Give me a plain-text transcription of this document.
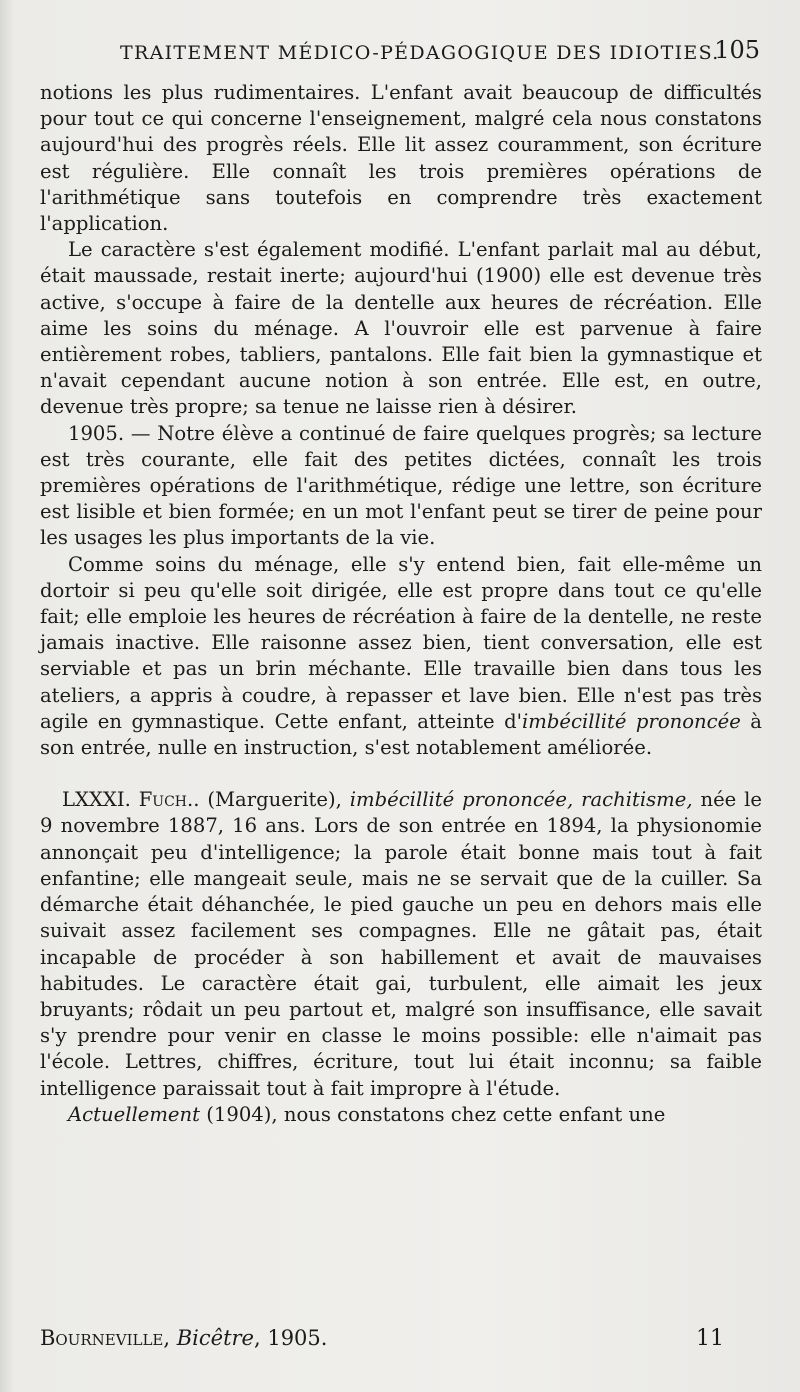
TRAITEMENT MÉDICO-PÉDAGOGIQUE DES IDIOTIES.
105

notions les plus rudimentaires. L'enfant avait beaucoup de difficultés pour tout ce qui concerne l'enseignement, malgré cela nous constatons aujourd'hui des progrès réels. Elle lit assez couramment, son écriture est régulière. Elle connaît les trois premières opérations de l'arithmétique sans toutefois en comprendre très exactement l'application.

Le caractère s'est également modifié. L'enfant parlait mal au début, était maussade, restait inerte; aujourd'hui (1900) elle est devenue très active, s'occupe à faire de la dentelle aux heures de récréation. Elle aime les soins du ménage. A l'ouvroir elle est parvenue à faire entièrement robes, tabliers, pantalons. Elle fait bien la gymnastique et n'avait cependant aucune notion à son entrée. Elle est, en outre, devenue très propre; sa tenue ne laisse rien à désirer.

1905. — Notre élève a continué de faire quelques progrès; sa lecture est très courante, elle fait des petites dictées, connaît les trois premières opérations de l'arithmétique, rédige une lettre, son écriture est lisible et bien formée; en un mot l'enfant peut se tirer de peine pour les usages les plus importants de la vie.

Comme soins du ménage, elle s'y entend bien, fait elle-même un dortoir si peu qu'elle soit dirigée, elle est propre dans tout ce qu'elle fait; elle emploie les heures de récréation à faire de la dentelle, ne reste jamais inactive. Elle raisonne assez bien, tient conversation, elle est serviable et pas un brin méchante. Elle travaille bien dans tous les ateliers, a appris à coudre, à repasser et lave bien. Elle n'est pas très agile en gymnastique. Cette enfant, atteinte d'imbécillité prononcée à son entrée, nulle en instruction, s'est notablement améliorée.

LXXXI. Fuch.. (Marguerite), imbécillité prononcée, rachitisme, née le 9 novembre 1887, 16 ans. Lors de son entrée en 1894, la physionomie annonçait peu d'intelligence; la parole était bonne mais tout à fait enfantine; elle mangeait seule, mais ne se servait que de la cuiller. Sa démarche était déhanchée, le pied gauche un peu en dehors mais elle suivait assez facilement ses compagnes. Elle ne gâtait pas, était incapable de procéder à son habillement et avait de mauvaises habitudes. Le caractère était gai, turbulent, elle aimait les jeux bruyants; rôdait un peu partout et, malgré son insuffisance, elle savait s'y prendre pour venir en classe le moins possible: elle n'aimait pas l'école. Lettres, chiffres, écriture, tout lui était inconnu; sa faible intelligence paraissait tout à fait impropre à l'étude.

Actuellement (1904), nous constatons chez cette enfant une

Bourneville, Bicêtre, 1905.	11
